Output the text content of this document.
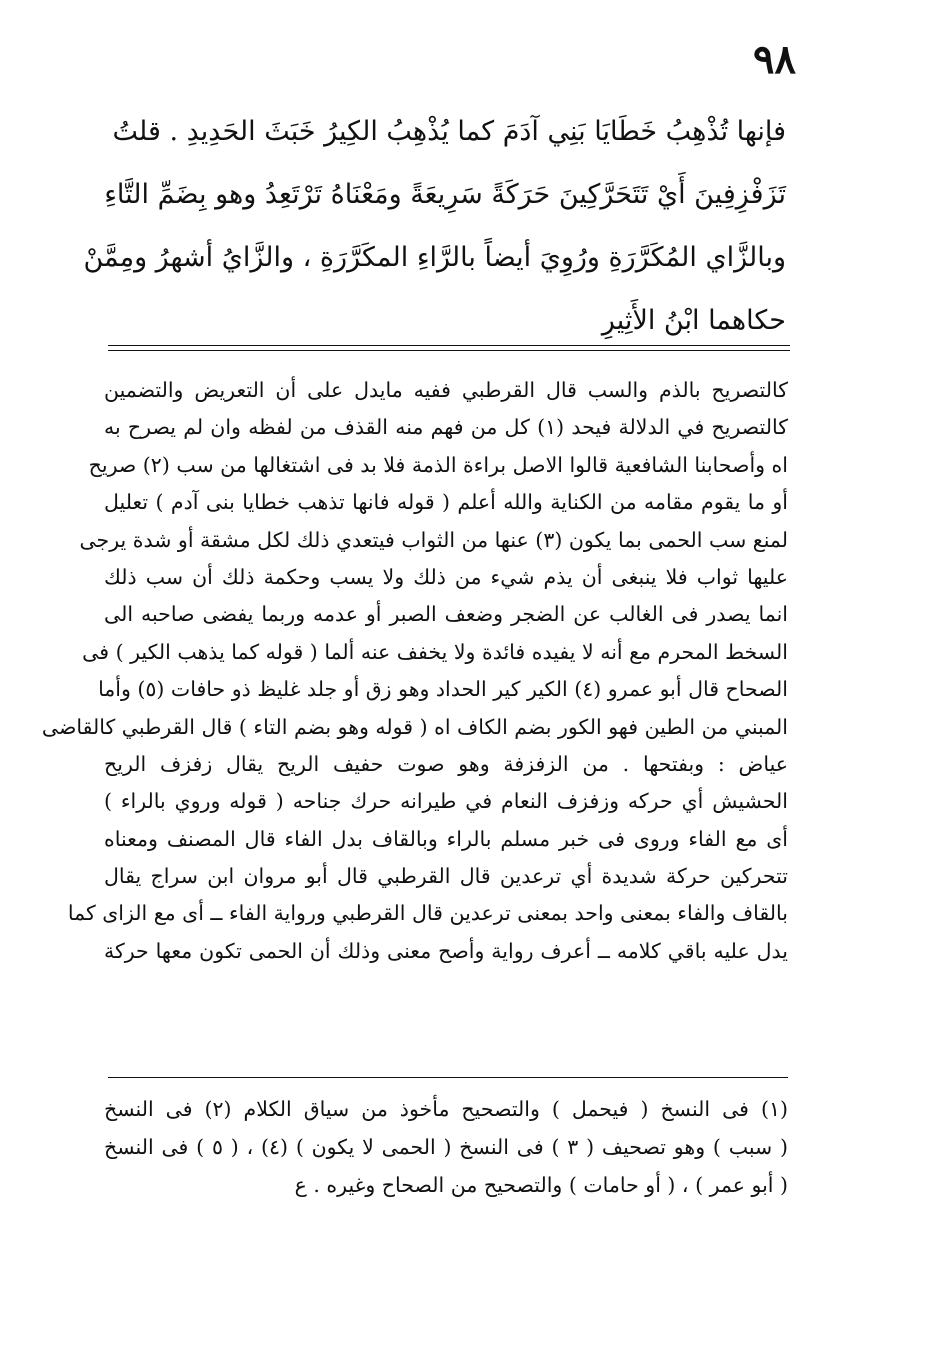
٩٨
فإنها تُذْهِبُ خَطَايَا بَنِي آدَمَ كما يُذْهِبُ الكِيرُ خَبَثَ الحَدِيدِ . قلتُ
تَزَفْزِفِينَ أَيْ تَتَحَرَّكِينَ حَرَكَةً سَرِيعَةً ومَعْنَاهُ تَرْتَعِدُ وهو بِضَمِّ التَّاءِ
وبالزَّاي المُكَرَّرَةِ ورُوِيَ أيضاً بالرَّاءِ المكَرَّرَةِ ، والزَّايُ أشهرُ ومِمَّنْ
حكاهما ابْنُ الأَثِيرِ
كالتصريح بالذم والسب قال القرطبي ففيه مايدل على أن التعريض والتضمين
كالتصريح في الدلالة فيحد (١) كل من فهم منه القذف من لفظه وان لم يصرح به
اه وأصحابنا الشافعية قالوا الاصل براءة الذمة فلا بد فى اشتغالها من سب (٢) صريح
أو ما يقوم مقامه من الكناية والله أعلم ( قوله فانها تذهب خطايا بنى آدم ) تعليل
لمنع سب الحمى بما يكون (٣) عنها من الثواب فيتعدي ذلك لكل مشقة أو شدة يرجى
عليها ثواب فلا ينبغى أن يذم شيء من ذلك ولا يسب وحكمة ذلك أن سب ذلك
انما يصدر فى الغالب عن الضجر وضعف الصبر أو عدمه وربما يفضى صاحبه الى
السخط المحرم مع أنه لا يفيده فائدة ولا يخفف عنه ألما ( قوله كما يذهب الكير ) فى
الصحاح قال أبو عمرو (٤) الكير كير الحداد وهو زق أو جلد غليظ ذو حافات (٥) وأما
المبني من الطين فهو الكور بضم الكاف اه ( قوله وهو بضم التاء ) قال القرطبي كالقاضى
عياض : وبفتحها . من الزفزفة وهو صوت حفيف الريح يقال زفزف الريح
الحشيش أي حركه وزفزف النعام في طيرانه حرك جناحه ( قوله وروي بالراء )
أى مع الفاء وروى فى خبر مسلم بالراء وبالقاف بدل الفاء قال المصنف ومعناه
تتحركين حركة شديدة أي ترعدين قال القرطبي قال أبو مروان ابن سراج يقال
بالقاف والفاء بمعنى واحد بمعنى ترعدين قال القرطبي ورواية الفاء ــ أى مع الزاى كما
يدل عليه باقي كلامه ــ أعرف رواية وأصح معنى وذلك أن الحمى تكون معها حركة
(١) فى النسخ ( فيحمل ) والتصحيح مأخوذ من سياق الكلام (٢) فى النسخ
( سبب ) وهو تصحيف ( ٣ ) فى النسخ ( الحمى لا يكون ) (٤) ، ( ٥ ) فى النسخ
( أبو عمر ) ، ( أو حامات ) والتصحيح من الصحاح وغيره . ع
